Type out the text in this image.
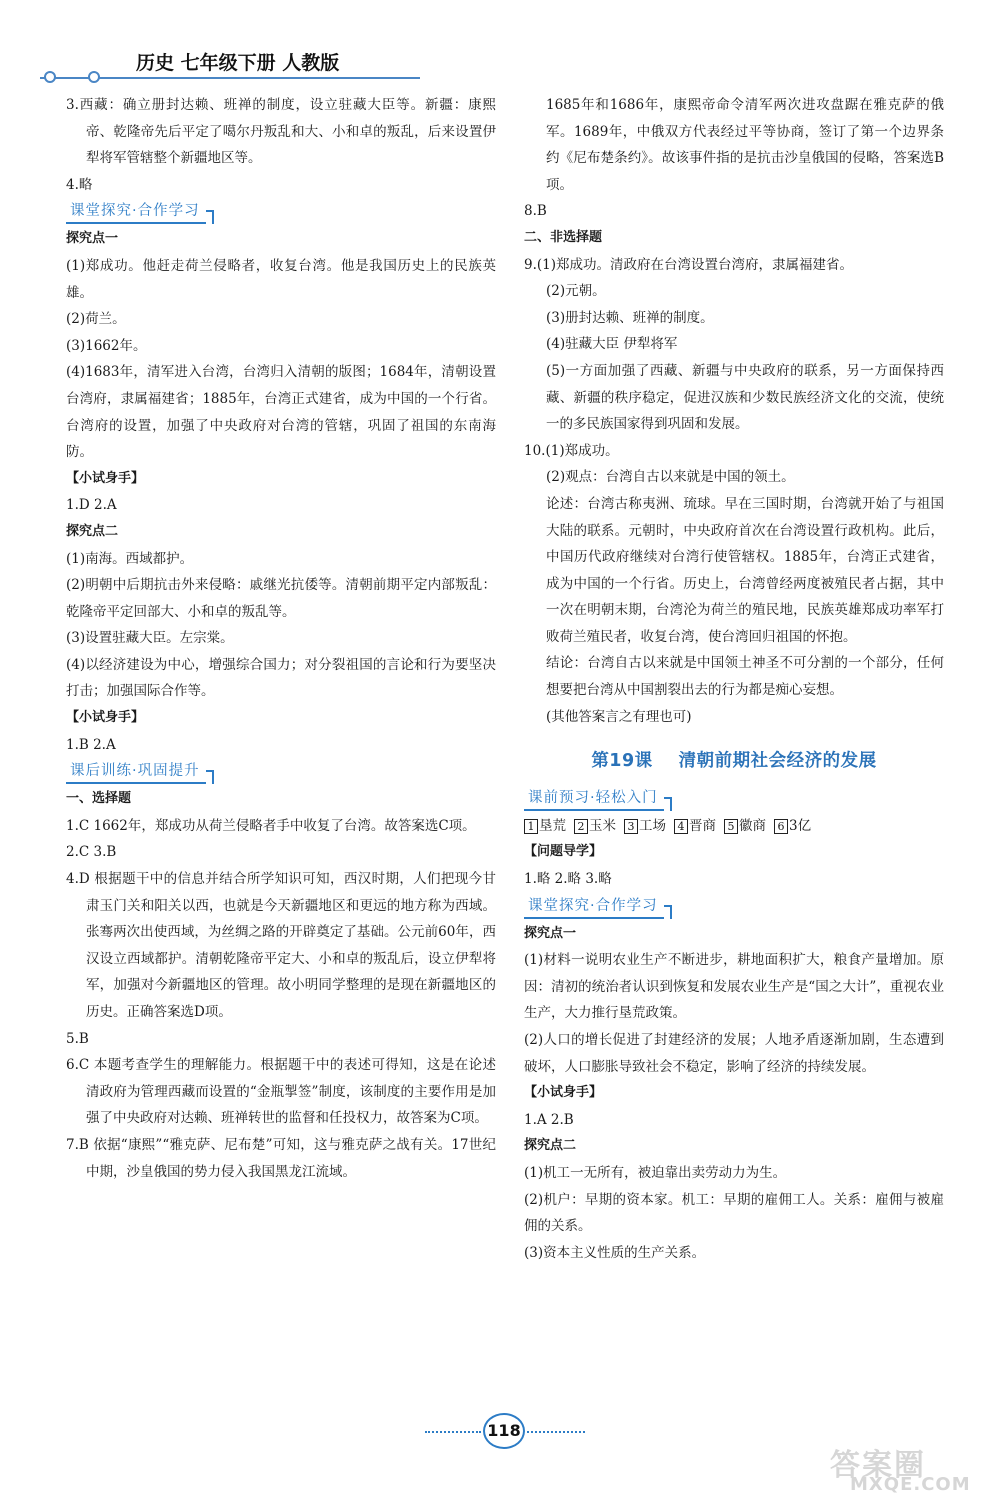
历史 七年级下册 人教版

3.西藏：确立册封达赖、班禅的制度，设立驻藏大臣等。新疆：康熙帝、乾隆帝先后平定了噶尔丹叛乱和大、小和卓的叛乱，后来设置伊犁将军管辖整个新疆地区等。

4.略

课堂探究·合作学习
探究点一

(1)郑成功。他赶走荷兰侵略者，收复台湾。他是我国历史上的民族英雄。

(2)荷兰。

(3)1662年。

(4)1683年，清军进入台湾，台湾归入清朝的版图；1684年，清朝设置台湾府，隶属福建省；1885年，台湾正式建省，成为中国的一个行省。台湾府的设置，加强了中央政府对台湾的管辖，巩固了祖国的东南海防。

【小试身手】

1.D 2.A

探究点二

(1)南海。西域都护。

(2)明朝中后期抗击外来侵略：戚继光抗倭等。清朝前期平定内部叛乱：乾隆帝平定回部大、小和卓的叛乱等。

(3)设置驻藏大臣。左宗棠。

(4)以经济建设为中心，增强综合国力；对分裂祖国的言论和行为要坚决打击；加强国际合作等。

【小试身手】

1.B 2.A

课后训练·巩固提升
一、选择题

1.C 1662年，郑成功从荷兰侵略者手中收复了台湾。故答案选C项。

2.C 3.B

4.D 根据题干中的信息并结合所学知识可知，西汉时期，人们把现今甘肃玉门关和阳关以西，也就是今天新疆地区和更远的地方称为西域。张骞两次出使西域，为丝绸之路的开辟奠定了基础。公元前60年，西汉设立西域都护。清朝乾隆帝平定大、小和卓的叛乱后，设立伊犁将军，加强对今新疆地区的管理。故小明同学整理的是现在新疆地区的历史。正确答案选D项。

5.B

6.C 本题考查学生的理解能力。根据题干中的表述可得知，这是在论述清政府为管理西藏而设置的“金瓶掣签”制度，该制度的主要作用是加强了中央政府对达赖、班禅转世的监督和任投权力，故答案为C项。

7.B 依据“康熙”“雅克萨、尼布楚”可知，这与雅克萨之战有关。17世纪中期，沙皇俄国的势力侵入我国黑龙江流域。

1685年和1686年，康熙帝命令清军两次进攻盘踞在雅克萨的俄军。1689年，中俄双方代表经过平等协商，签订了第一个边界条约《尼布楚条约》。故该事件指的是抗击沙皇俄国的侵略，答案选B项。

8.B

二、非选择题

9.(1)郑成功。清政府在台湾设置台湾府，隶属福建省。

(2)元朝。

(3)册封达赖、班禅的制度。

(4)驻藏大臣 伊犁将军

(5)一方面加强了西藏、新疆与中央政府的联系，另一方面保持西藏、新疆的秩序稳定，促进汉族和少数民族经济文化的交流，使统一的多民族国家得到巩固和发展。

10.(1)郑成功。

(2)观点：台湾自古以来就是中国的领土。

论述：台湾古称夷洲、琉球。早在三国时期，台湾就开始了与祖国大陆的联系。元朝时，中央政府首次在台湾设置行政机构。此后，中国历代政府继续对台湾行使管辖权。1885年，台湾正式建省，成为中国的一个行省。历史上，台湾曾经两度被殖民者占据，其中一次在明朝末期，台湾沦为荷兰的殖民地，民族英雄郑成功率军打败荷兰殖民者，收复台湾，使台湾回归祖国的怀抱。

结论：台湾自古以来就是中国领土神圣不可分割的一个部分，任何想要把台湾从中国割裂出去的行为都是痴心妄想。

(其他答案言之有理也可)

第19课 清朝前期社会经济的发展
课前预习·轻松入门
1 垦荒 2 玉米 3 工场 4 晋商 5 徽商 6 3亿
【问题导学】

1.略 2.略 3.略

课堂探究·合作学习
探究点一

(1)材料一说明农业生产不断进步，耕地面积扩大，粮食产量增加。原因：清初的统治者认识到恢复和发展农业生产是“国之大计”，重视农业生产，大力推行垦荒政策。

(2)人口的增长促进了封建经济的发展；人地矛盾逐渐加剧，生态遭到破坏，人口膨胀导致社会不稳定，影响了经济的持续发展。

【小试身手】

1.A 2.B

探究点二

(1)机工一无所有，被迫靠出卖劳动力为生。

(2)机户：早期的资本家。机工：早期的雇佣工人。关系：雇佣与被雇佣的关系。

(3)资本主义性质的生产关系。

118
答案圈
MXQE.COM
